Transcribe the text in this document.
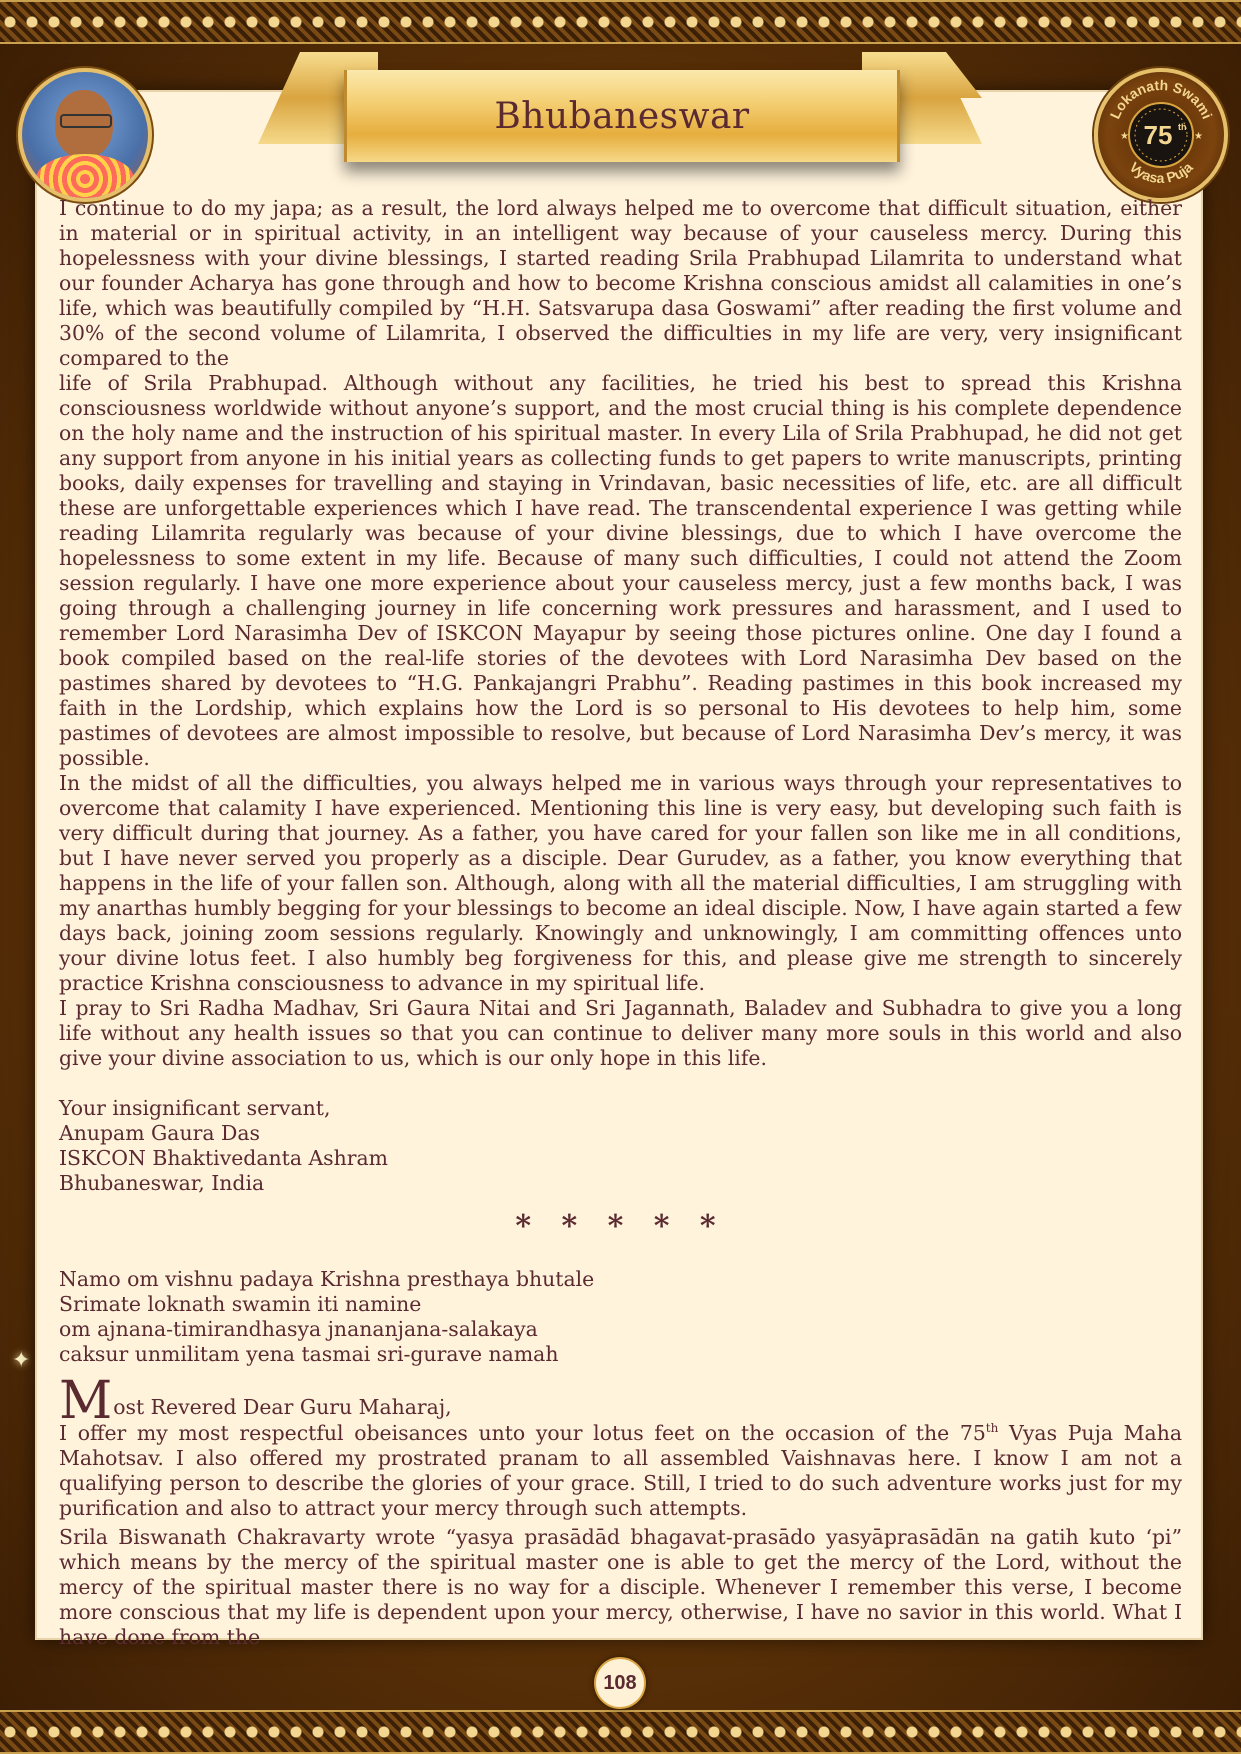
✦
Bhubaneswar	Lokanath Swami
Vyasa Puja
75 th
★	★

I continue to do my japa; as a result, the lord always helped me to overcome that difficult situation, either in material or in spiritual activity, in an intelligent way because of your causeless mercy. During this hopelessness with your divine blessings, I started reading Srila Prabhupad Lilamrita to understand what our founder Acharya has gone through and how to become Krishna conscious amidst all calamities in one’s life, which was beautifully compiled by “H.H. Satsvarupa dasa Goswami” after reading the first volume and 30% of the second volume of Lilamrita, I observed the difficulties in my life are very, very insignificant compared to the

life of Srila Prabhupad. Although without any facilities, he tried his best to spread this Krishna consciousness worldwide without anyone’s support, and the most crucial thing is his complete dependence on the holy name and the instruction of his spiritual master. In every Lila of Srila Prabhupad, he did not get any support from anyone in his initial years as collecting funds to get papers to write manuscripts, printing books, daily expenses for travelling and staying in Vrindavan, basic necessities of life, etc. are all difficult these are unforgettable experiences which I have read. The transcendental experience I was getting while reading Lilamrita regularly was because of your divine blessings, due to which I have overcome the hopelessness to some extent in my life. Because of many such difficulties, I could not attend the Zoom session regularly. I have one more experience about your causeless mercy, just a few months back, I was going through a challenging journey in life concerning work pressures and harassment, and I used to remember Lord Narasimha Dev of ISKCON Mayapur by seeing those pictures online. One day I found a book compiled based on the real-life stories of the devotees with Lord Narasimha Dev based on the pastimes shared by devotees to “H.G. Pankajangri Prabhu”. Reading pastimes in this book increased my faith in the Lordship, which explains how the Lord is so personal to His devotees to help him, some pastimes of devotees are almost impossible to resolve, but because of Lord Narasimha Dev’s mercy, it was possible.

In the midst of all the difficulties, you always helped me in various ways through your representatives to overcome that calamity I have experienced. Mentioning this line is very easy, but developing such faith is very difficult during that journey. As a father, you have cared for your fallen son like me in all conditions, but I have never served you properly as a disciple. Dear Gurudev, as a father, you know everything that happens in the life of your fallen son. Although, along with all the material difficulties, I am struggling with my anarthas humbly begging for your blessings to become an ideal disciple. Now, I have again started a few days back, joining zoom sessions regularly. Knowingly and unknowingly, I am committing offences unto your divine lotus feet. I also humbly beg forgiveness for this, and please give me strength to sincerely practice Krishna consciousness to advance in my spiritual life.

I pray to Sri Radha Madhav, Sri Gaura Nitai and Sri Jagannath, Baladev and Subhadra to give you a long life without any health issues so that you can continue to deliver many more souls in this world and also give your divine association to us, which is our only hope in this life.

Your insignificant servant,

Anupam Gaura Das

ISKCON Bhaktivedanta Ashram

Bhubaneswar, India

* * * * *

Namo om vishnu padaya Krishna presthaya bhutale

Srimate loknath swamin iti namine

om ajnana-timirandhasya jnananjana-salakaya

caksur unmilitam yena tasmai sri-gurave namah

Most Revered Dear Guru Maharaj,

I offer my most respectful obeisances unto your lotus feet on the occasion of the 75th Vyas Puja Maha Mahotsav. I also offered my prostrated pranam to all assembled Vaishnavas here. I know I am not a qualifying person to describe the glories of your grace. Still, I tried to do such adventure works just for my purification and also to attract your mercy through such attempts.

Srila Biswanath Chakravarty wrote “yasya prasādād bhagavat-prasādo yasyāprasādān na gatih kuto ‘pi” which means by the mercy of the spiritual master one is able to get the mercy of the Lord, without the mercy of the spiritual master there is no way for a disciple. Whenever I remember this verse, I become more conscious that my life is dependent upon your mercy, otherwise, I have no savior in this world. What I have done from the

108
